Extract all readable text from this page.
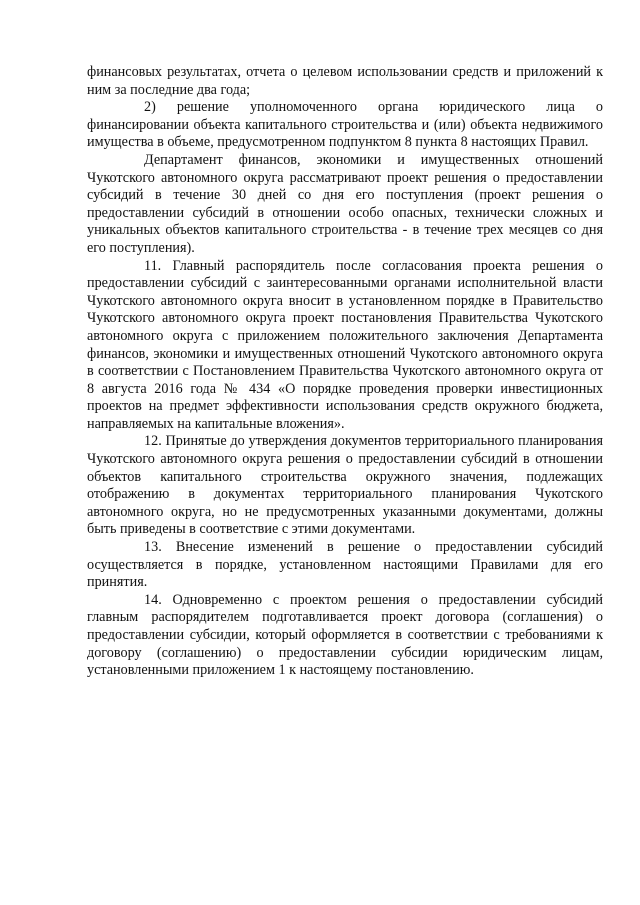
финансовых результатах, отчета о целевом использовании средств и приложений к ним за последние два года;

2) решение уполномоченного органа юридического лица о финансировании объекта капитального строительства и (или) объекта недвижимого имущества в объеме, предусмотренном подпунктом 8 пункта 8 настоящих Правил.

Департамент финансов, экономики и имущественных отношений Чукотского автономного округа рассматривают проект решения о предоставлении субсидий в течение 30 дней со дня его поступления (проект решения о предоставлении субсидий в отношении особо опасных, технически сложных и уникальных объектов капитального строительства - в течение трех месяцев со дня его поступления).

11. Главный распорядитель после согласования проекта решения о предоставлении субсидий с заинтересованными органами исполнительной власти Чукотского автономного округа вносит в установленном порядке в Правительство Чукотского автономного округа проект постановления Правительства Чукотского автономного округа с приложением положительного заключения Департамента финансов, экономики и имущественных отношений Чукотского автономного округа в соответствии с Постановлением Правительства Чукотского автономного округа от 8 августа 2016 года № 434 «О порядке проведения проверки инвестиционных проектов на предмет эффективности использования средств окружного бюджета, направляемых на капитальные вложения».

12. Принятые до утверждения документов территориального планирования Чукотского автономного округа решения о предоставлении субсидий в отношении объектов капитального строительства окружного значения, подлежащих отображению в документах территориального планирования Чукотского автономного округа, но не предусмотренных указанными документами, должны быть приведены в соответствие с этими документами.

13. Внесение изменений в решение о предоставлении субсидий осуществляется в порядке, установленном настоящими Правилами для его принятия.

14. Одновременно с проектом решения о предоставлении субсидий главным распорядителем подготавливается проект договора (соглашения) о предоставлении субсидии, который оформляется в соответствии с требованиями к договору (соглашению) о предоставлении субсидии юридическим лицам, установленными приложением 1 к настоящему постановлению.
